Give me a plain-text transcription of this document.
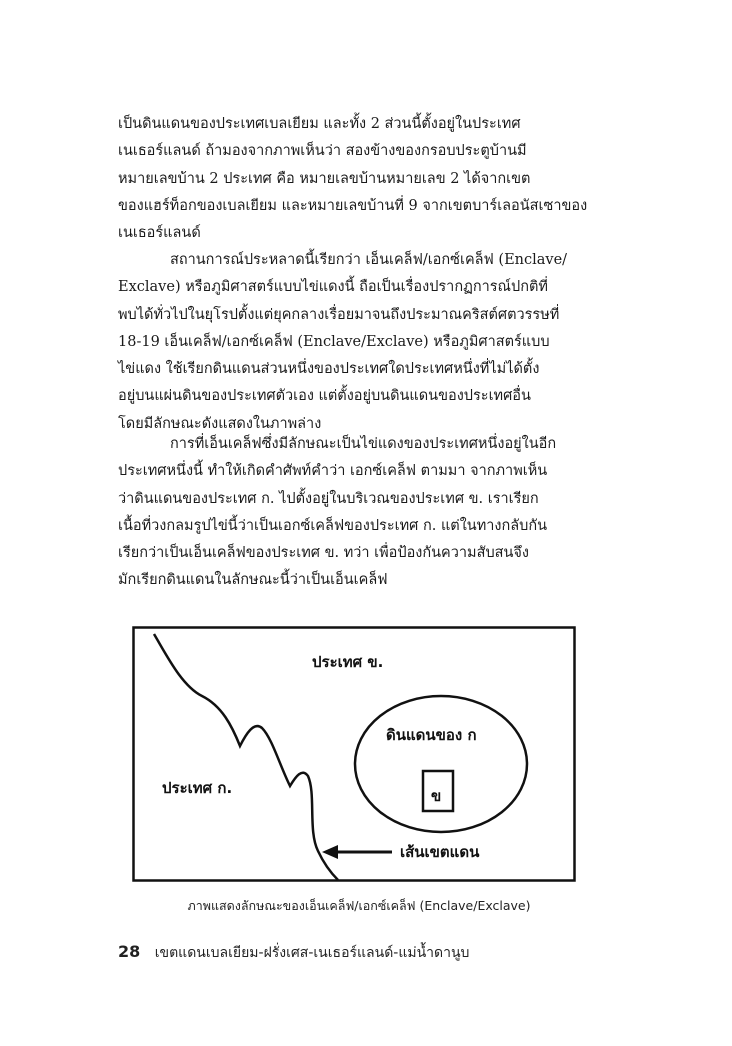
เป็นดินแดนของประเทศเบลเยียม และทั้ง 2 ส่วนนี้ตั้งอยู่ในประเทศ
เนเธอร์แลนด์ ถ้ามองจากภาพเห็นว่า สองข้างของกรอบประตูบ้านมี
หมายเลขบ้าน 2 ประเทศ คือ หมายเลขบ้านหมายเลข 2 ได้จากเขต
ของแฮร์ท็อกของเบลเยียม และหมายเลขบ้านที่ 9 จากเขตบาร์เลอนัสเซาของ
เนเธอร์แลนด์
สถานการณ์ประหลาดนี้เรียกว่า เอ็นเคล็ฟ/เอกซ์เคล็ฟ (Enclave/
Exclave) หรือภูมิศาสตร์แบบไข่แดงนี้ ถือเป็นเรื่องปรากฏการณ์ปกติที่
พบได้ทั่วไปในยุโรปตั้งแต่ยุคกลางเรื่อยมาจนถึงประมาณคริสต์ศตวรรษที่
18-19 เอ็นเคล็ฟ/เอกซ์เคล็ฟ (Enclave/Exclave) หรือภูมิศาสตร์แบบ
ไข่แดง ใช้เรียกดินแดนส่วนหนึ่งของประเทศใดประเทศหนึ่งที่ไม่ได้ตั้ง
อยู่บนแผ่นดินของประเทศตัวเอง แต่ตั้งอยู่บนดินแดนของประเทศอื่น
โดยมีลักษณะดังแสดงในภาพล่าง
การที่เอ็นเคล็ฟซึ่งมีลักษณะเป็นไข่แดงของประเทศหนึ่งอยู่ในอีก
ประเทศหนึ่งนี้ ทำให้เกิดคำศัพท์คำว่า เอกซ์เคล็ฟ ตามมา จากภาพเห็น
ว่าดินแดนของประเทศ ก. ไปตั้งอยู่ในบริเวณของประเทศ ข. เราเรียก
เนื้อที่วงกลมรูปไข่นี้ว่าเป็นเอกซ์เคล็ฟของประเทศ ก. แต่ในทางกลับกัน
เรียกว่าเป็นเอ็นเคล็ฟของประเทศ ข. ทว่า เพื่อป้องกันความสับสนจึง
มักเรียกดินแดนในลักษณะนี้ว่าเป็นเอ็นเคล็ฟ
ประเทศ ข.
ดินแดนของ ก
ข
ประเทศ ก.
เส้นเขตแดน
ภาพแสดงลักษณะของเอ็นเคล็ฟ/เอกซ์เคล็ฟ (Enclave/Exclave)
28 เขตแดนเบลเยียม-ฝรั่งเศส-เนเธอร์แลนด์-แม่น้ำดานูบ
